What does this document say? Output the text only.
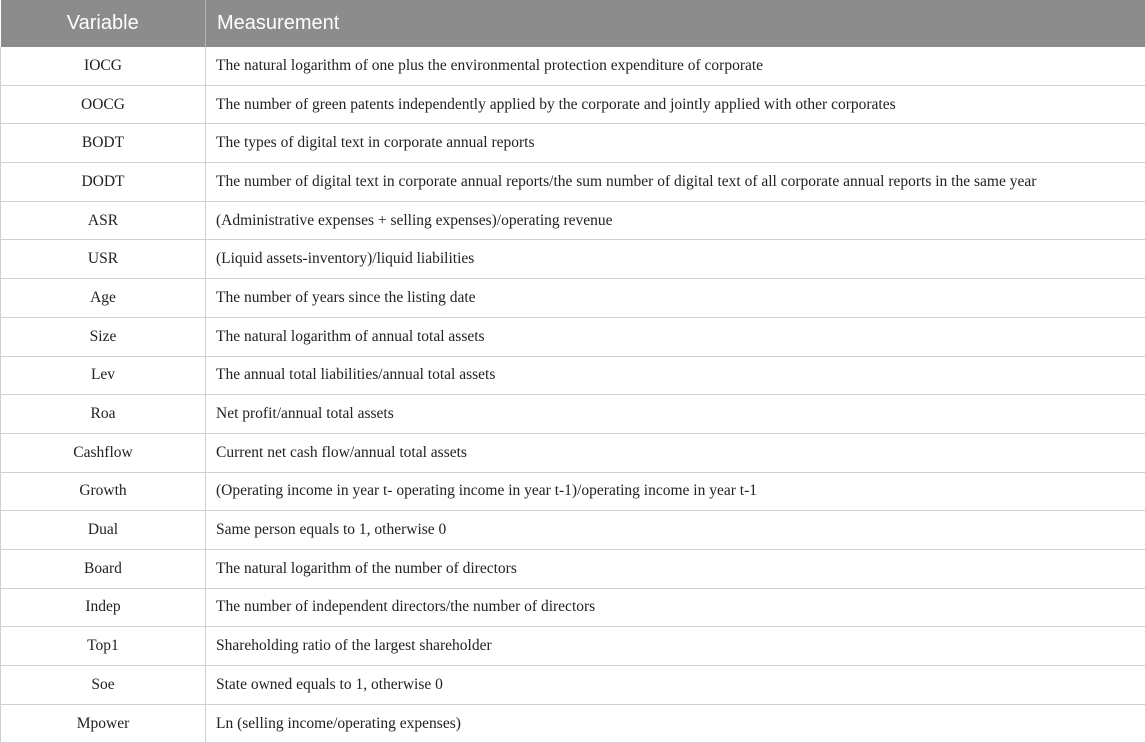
Variable	Measurement
IOCG	The natural logarithm of one plus the environmental protection expenditure of corporate
OOCG	The number of green patents independently applied by the corporate and jointly applied with other corporates
BODT	The types of digital text in corporate annual reports
DODT	The number of digital text in corporate annual reports/the sum number of digital text of all corporate annual reports in the same year
ASR	(Administrative expenses + selling expenses)/operating revenue
USR	(Liquid assets-inventory)/liquid liabilities
Age	The number of years since the listing date
Size	The natural logarithm of annual total assets
Lev	The annual total liabilities/annual total assets
Roa	Net profit/annual total assets
Cashflow	Current net cash flow/annual total assets
Growth	(Operating income in year t- operating income in year t-1)/operating income in year t-1
Dual	Same person equals to 1, otherwise 0
Board	The natural logarithm of the number of directors
Indep	The number of independent directors/the number of directors
Top1	Shareholding ratio of the largest shareholder
Soe	State owned equals to 1, otherwise 0
Mpower	Ln (selling income/operating expenses)
